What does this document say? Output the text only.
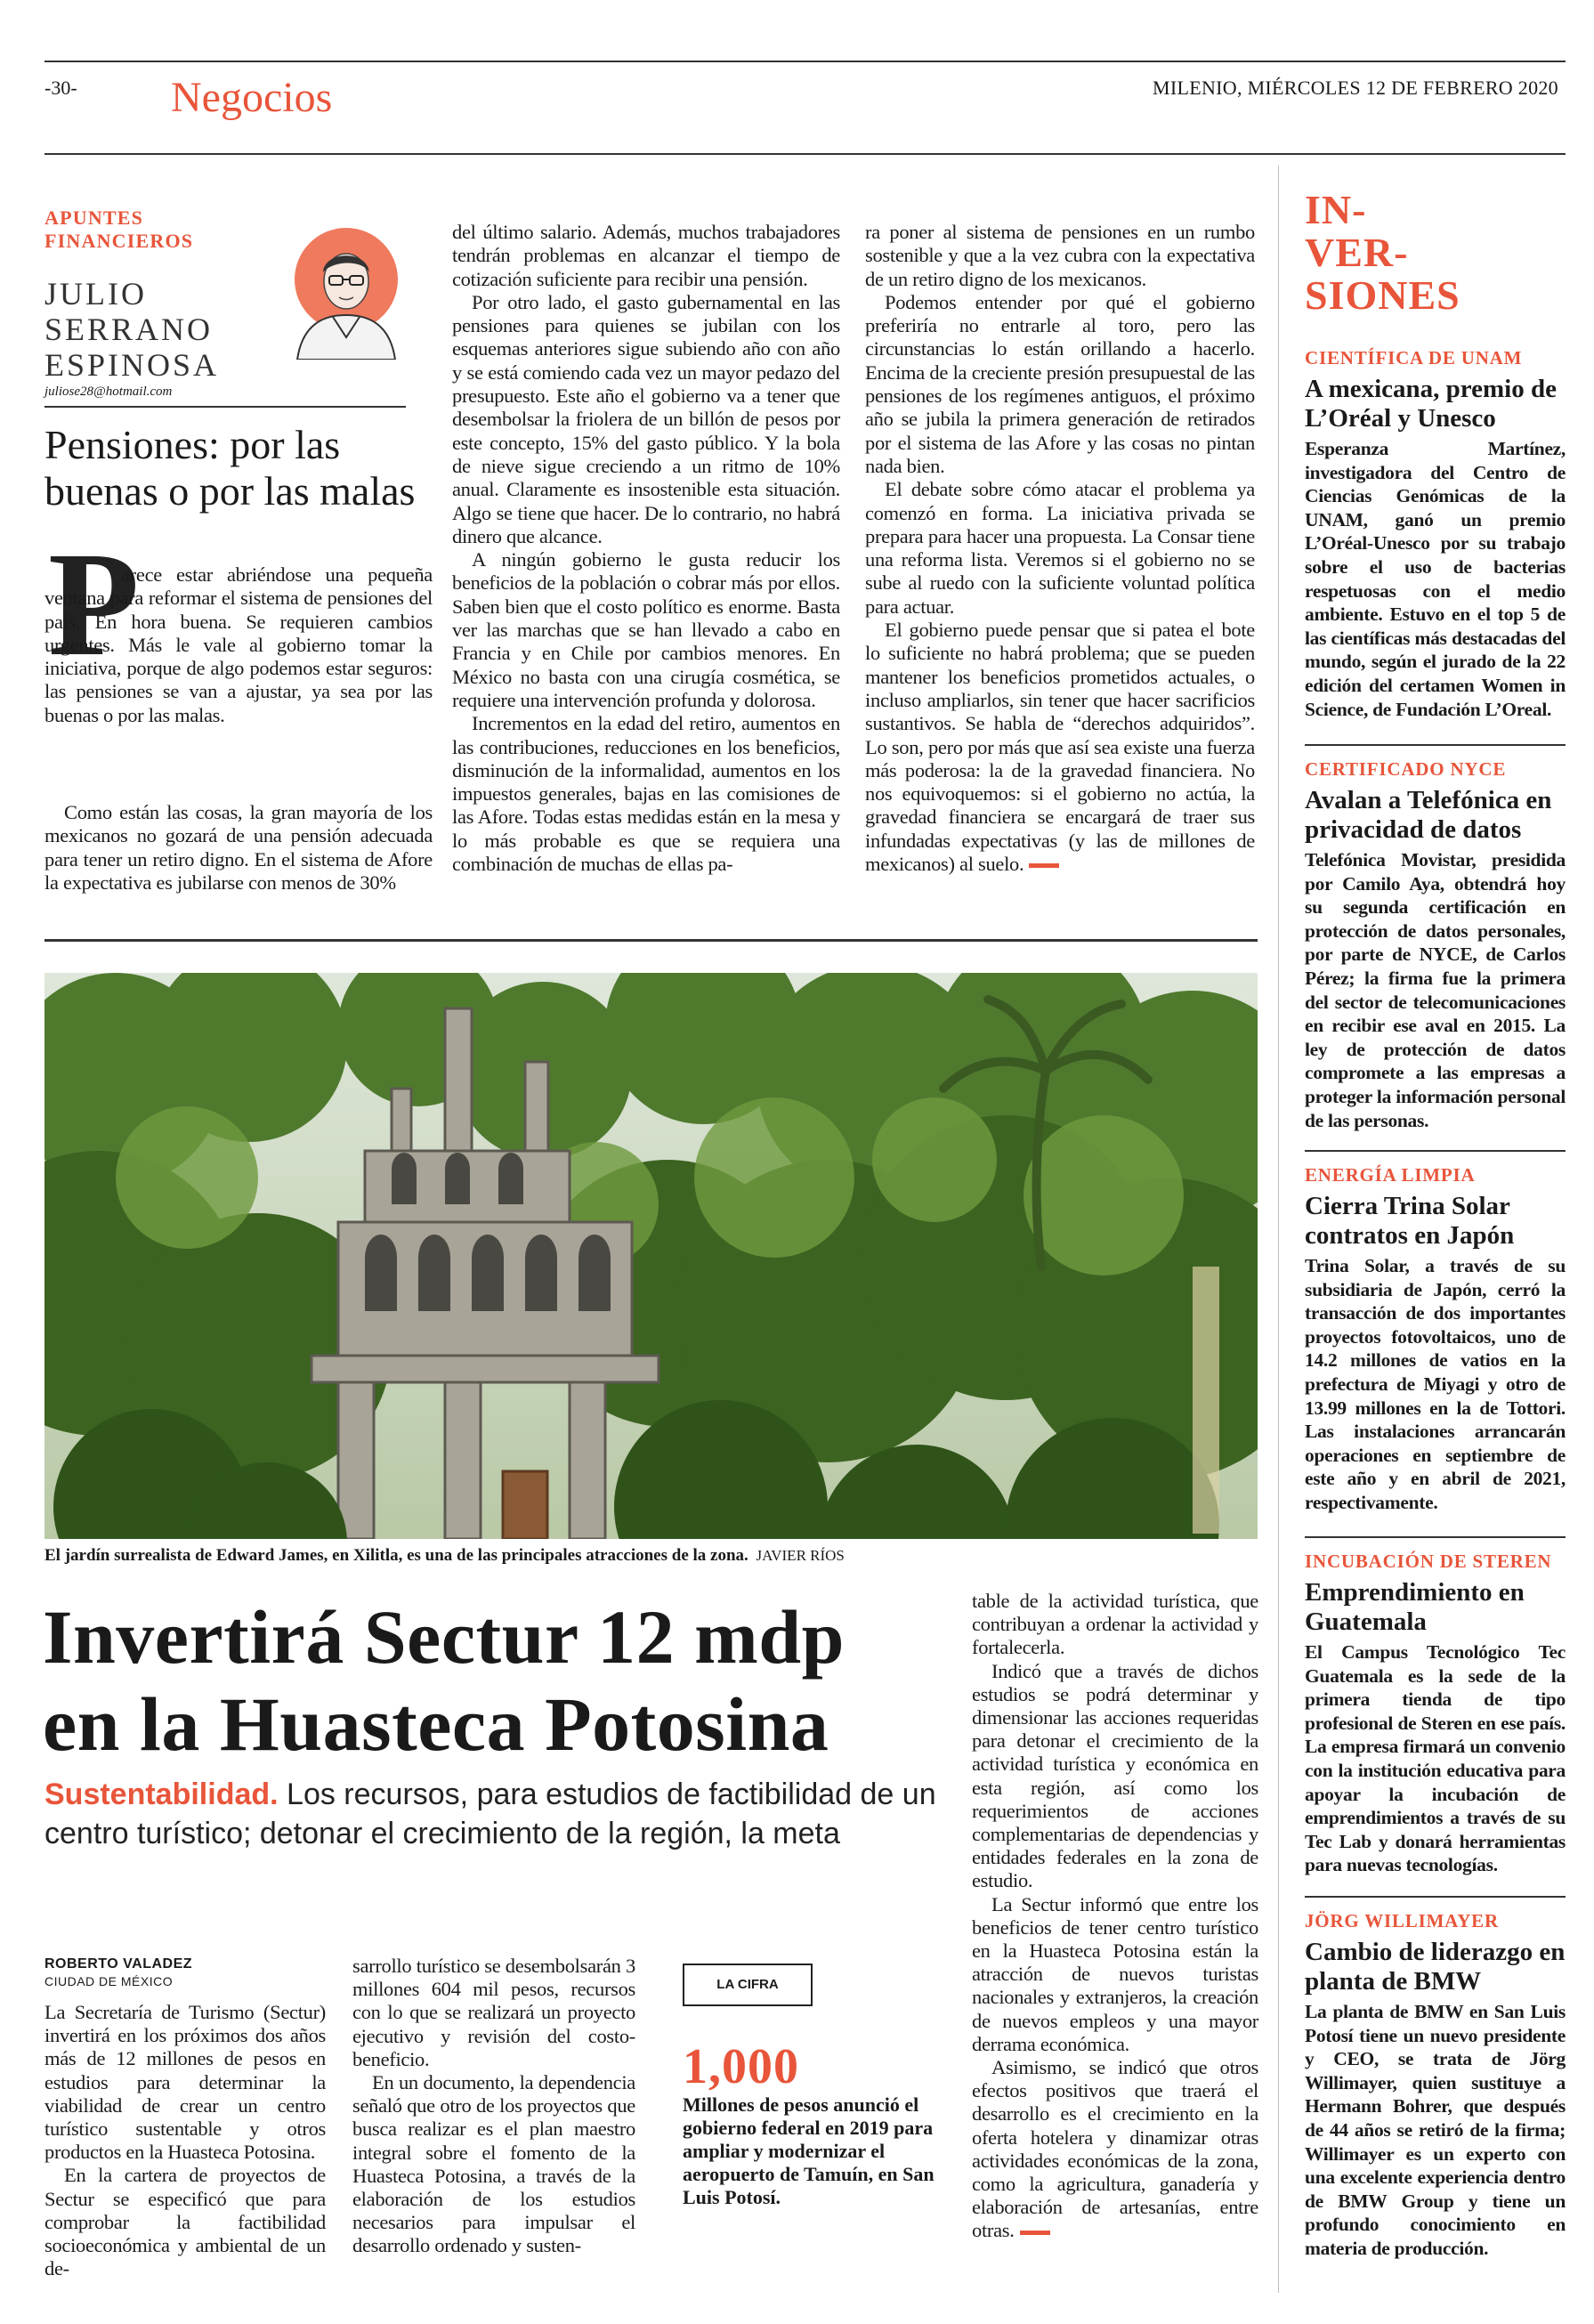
-30- Negocios	MILENIO, MIÉRCOLES 12 DE FEBRERO 2020
APUNTES
FINANCIEROS
JULIO
SERRANO
ESPINOSA
juliose28@hotmail.com
Pensiones: por las
buenas o por las malas
P

arece estar abriéndose una pequeña ventana para reformar el sistema de pensiones del país. En hora buena. Se requieren cambios urgentes. Más le vale al gobierno tomar la iniciativa, porque de algo podemos estar seguros: las pensiones se van a ajustar, ya sea por las buenas o por las malas.

Como están las cosas, la gran mayoría de los mexicanos no gozará de una pensión adecuada para tener un retiro digno. En el sistema de Afore la expectativa es jubilarse con menos de 30%

del último salario. Además, muchos trabajadores tendrán problemas en alcanzar el tiempo de cotización suficiente para recibir una pensión.

Por otro lado, el gasto gubernamental en las pensiones para quienes se jubilan con los esquemas anteriores sigue subiendo año con año y se está comiendo cada vez un mayor pedazo del presupuesto. Este año el gobierno va a tener que desembolsar la friolera de un billón de pesos por este concepto, 15% del gasto público. Y la bola de nieve sigue creciendo a un ritmo de 10% anual. Claramente es insostenible esta situación. Algo se tiene que hacer. De lo contrario, no habrá dinero que alcance.

A ningún gobierno le gusta reducir los beneficios de la población o cobrar más por ellos. Saben bien que el costo político es enorme. Basta ver las marchas que se han llevado a cabo en Francia y en Chile por cambios menores. En México no basta con una cirugía cosmética, se requiere una intervención profunda y dolorosa.

Incrementos en la edad del retiro, aumentos en las contribuciones, reducciones en los beneficios, disminución de la informalidad, aumentos en los impuestos generales, bajas en las comisiones de las Afore. Todas estas medidas están en la mesa y lo más probable es que se requiera una combinación de muchas de ellas pa-

ra poner al sistema de pensiones en un rumbo sostenible y que a la vez cubra con la expectativa de un retiro digno de los mexicanos.

Podemos entender por qué el gobierno preferiría no entrarle al toro, pero las circunstancias lo están orillando a hacerlo. Encima de la creciente presión presupuestal de las pensiones de los regímenes antiguos, el próximo año se jubila la primera generación de retirados por el sistema de las Afore y las cosas no pintan nada bien.

El debate sobre cómo atacar el problema ya comenzó en forma. La iniciativa privada se prepara para hacer una propuesta. La Consar tiene una reforma lista. Veremos si el gobierno no se sube al ruedo con la suficiente voluntad política para actuar.

El gobierno puede pensar que si patea el bote lo suficiente no habrá problema; que se pueden mantener los beneficios prometidos actuales, o incluso ampliarlos, sin tener que hacer sacrificios sustantivos. Se habla de “derechos adquiridos”. Lo son, pero por más que así sea existe una fuerza más poderosa: la de la gravedad financiera. No nos equivoquemos: si el gobierno no actúa, la gravedad financiera se encargará de traer sus infundadas expectativas (y las de millones de mexicanos) al suelo.

IN-
VER-
SIONES
CIENTÍFICA DE UNAM
A mexicana, premio de L’Oréal y Unesco
Esperanza Martínez, investigadora del Centro de Ciencias Genómicas de la UNAM, ganó un premio L’Oréal-Unesco por su trabajo sobre el uso de bacterias respetuosas con el medio ambiente. Estuvo en el top 5 de las científicas más destacadas del mundo, según el jurado de la 22 edición del certamen Women in Science, de Fundación L’Oreal.
CERTIFICADO NYCE
Avalan a Telefónica en privacidad de datos
Telefónica Movistar, presidida por Camilo Aya, obtendrá hoy su segunda certificación en protección de datos personales, por parte de NYCE, de Carlos Pérez; la firma fue la primera del sector de telecomunicaciones en recibir ese aval en 2015. La ley de protección de datos compromete a las empresas a proteger la información personal de las personas.
ENERGÍA LIMPIA
Cierra Trina Solar contratos en Japón
Trina Solar, a través de su subsidiaria de Japón, cerró la transacción de dos importantes proyectos fotovoltaicos, uno de 14.2 millones de vatios en la prefectura de Miyagi y otro de 13.99 millones en la de Tottori. Las instalaciones arrancarán operaciones en septiembre de este año y en abril de 2021, respectivamente.
INCUBACIÓN DE STEREN
Emprendimiento en Guatemala
El Campus Tecnológico Tec Guatemala es la sede de la primera tienda de tipo profesional de Steren en ese país. La empresa firmará un convenio con la institución educativa para apoyar la incubación de emprendimientos a través de su Tec Lab y donará herramientas para nuevas tecnologías.
JÖRG WILLIMAYER
Cambio de liderazgo en planta de BMW
La planta de BMW en San Luis Potosí tiene un nuevo presidente y CEO, se trata de Jörg Willimayer, quien sustituye a Hermann Bohrer, que después de 44 años se retiró de la firma; Willimayer es un experto con una excelente experiencia dentro de BMW Group y tiene un profundo conocimiento en materia de producción.
El jardín surrealista de Edward James, en Xilitla, es una de las principales atracciones de la zona. JAVIER RÍOS
Invertirá Sectur 12 mdp
en la Huasteca Potosina
Sustentabilidad. Los recursos, para estudios de factibilidad de un centro turístico; detonar el crecimiento de la región, la meta
ROBERTO VALADEZ
CIUDAD DE MÉXICO

La Secretaría de Turismo (Sectur) invertirá en los próximos dos años más de 12 millones de pesos en estudios para determinar la viabilidad de crear un centro turístico sustentable y otros productos en la Huasteca Potosina.

En la cartera de proyectos de Sectur se especificó que para comprobar la factibilidad socioeconómica y ambiental de un de-

sarrollo turístico se desembolsarán 3 millones 604 mil pesos, recursos con lo que se realizará un proyecto ejecutivo y revisión del costo-beneficio.

En un documento, la dependencia señaló que otro de los proyectos que busca realizar es el plan maestro integral sobre el fomento de la Huasteca Potosina, a través de la elaboración de los estudios necesarios para impulsar el desarrollo ordenado y susten-

LA CIFRA
1,000
Millones de pesos anunció el gobierno federal en 2019 para ampliar y modernizar el aeropuerto de Tamuín, en San Luis Potosí.

table de la actividad turística, que contribuyan a ordenar la actividad y fortalecerla.

Indicó que a través de dichos estudios se podrá determinar y dimensionar las acciones requeridas para detonar el crecimiento de la actividad turística y económica en esta región, así como los requerimientos de acciones complementarias de dependencias y entidades federales en la zona de estudio.

La Sectur informó que entre los beneficios de tener centro turístico en la Huasteca Potosina están la atracción de nuevos turistas nacionales y extranjeros, la creación de nuevos empleos y una mayor derrama económica.

Asimismo, se indicó que otros efectos positivos que traerá el desarrollo es el crecimiento en la oferta hotelera y dinamizar otras actividades económicas de la zona, como la agricultura, ganadería y elaboración de artesanías, entre otras.
